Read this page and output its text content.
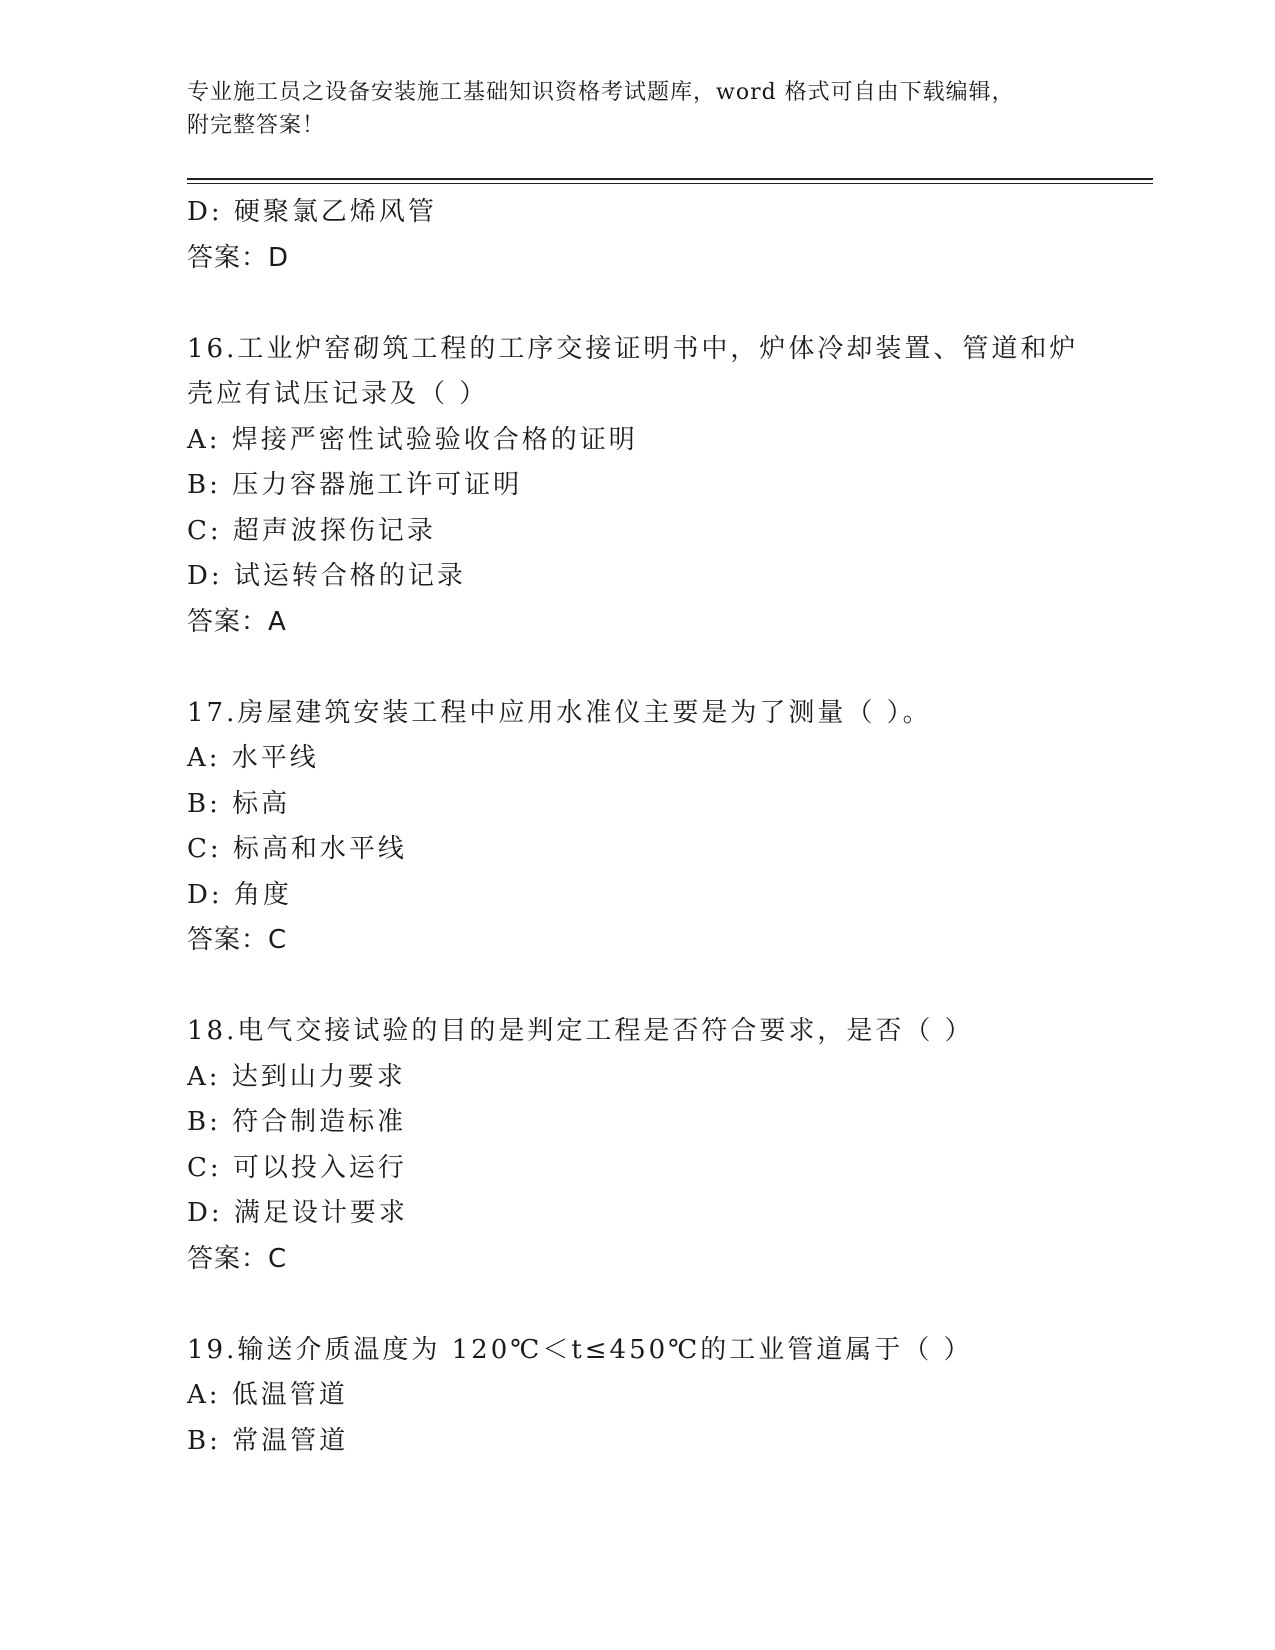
专业施工员之设备安装施工基础知识资格考试题库，word 格式可自由下载编辑，
附完整答案！
D: 硬聚氯乙烯风管
答案：D
16.工业炉窑砌筑工程的工序交接证明书中，炉体冷却装置、管道和炉
壳应有试压记录及（ ）
A: 焊接严密性试验验收合格的证明
B: 压力容器施工许可证明
C: 超声波探伤记录
D: 试运转合格的记录
答案：A
17.房屋建筑安装工程中应用水准仪主要是为了测量（ ）。
A: 水平线
B: 标高
C: 标高和水平线
D: 角度
答案：C
18.电气交接试验的目的是判定工程是否符合要求，是否（ ）
A: 达到山力要求
B: 符合制造标准
C: 可以投入运行
D: 满足设计要求
答案：C
19.输送介质温度为 120℃＜t≤450℃的工业管道属于（ ）
A: 低温管道
B: 常温管道
